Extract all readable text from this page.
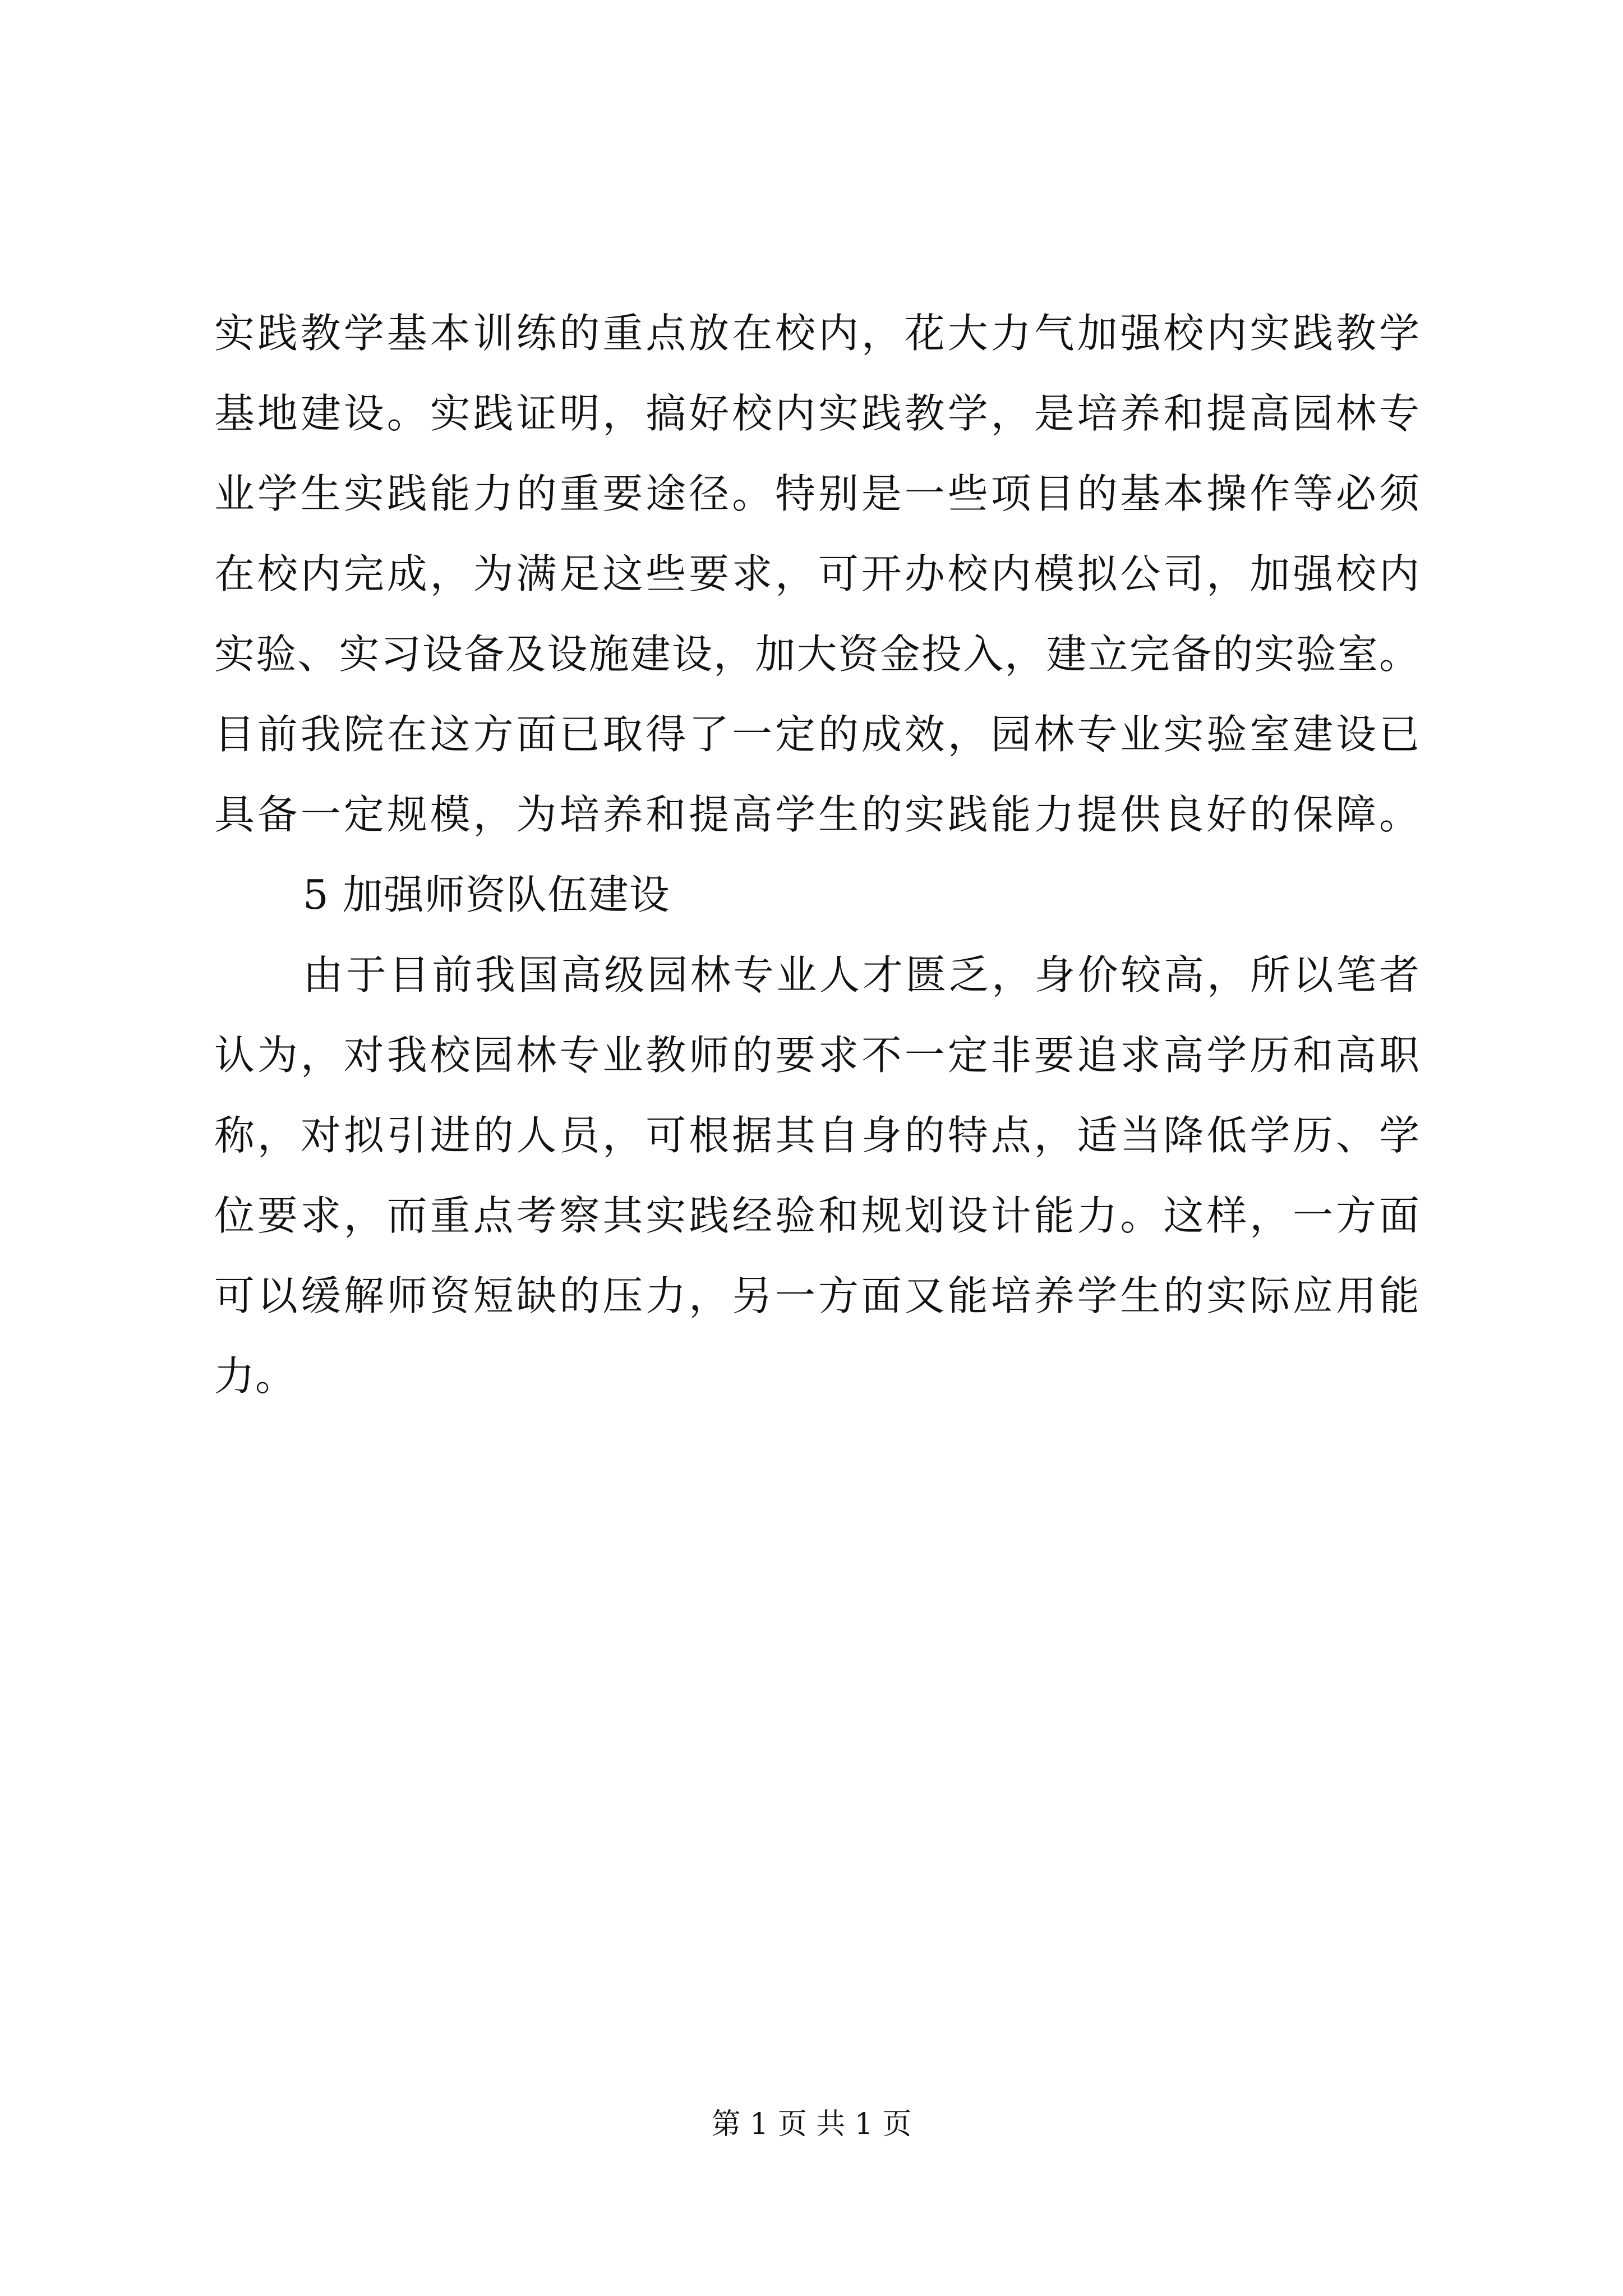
实践教学基本训练的重点放在校内，花大力气加强校内实践教学
基地建设。实践证明，搞好校内实践教学，是培养和提高园林专
业学生实践能力的重要途径。特别是一些项目的基本操作等必须
在校内完成，为满足这些要求，可开办校内模拟公司，加强校内
实验、实习设备及设施建设，加大资金投入，建立完备的实验室。
目前我院在这方面已取得了一定的成效，园林专业实验室建设已
具备一定规模，为培养和提高学生的实践能力提供良好的保障。
5 加强师资队伍建设
由于目前我国高级园林专业人才匮乏，身价较高，所以笔者
认为，对我校园林专业教师的要求不一定非要追求高学历和高职
称，对拟引进的人员，可根据其自身的特点，适当降低学历、学
位要求，而重点考察其实践经验和规划设计能力。这样，一方面
可以缓解师资短缺的压力，另一方面又能培养学生的实际应用能
力。
第 1 页 共 1 页
